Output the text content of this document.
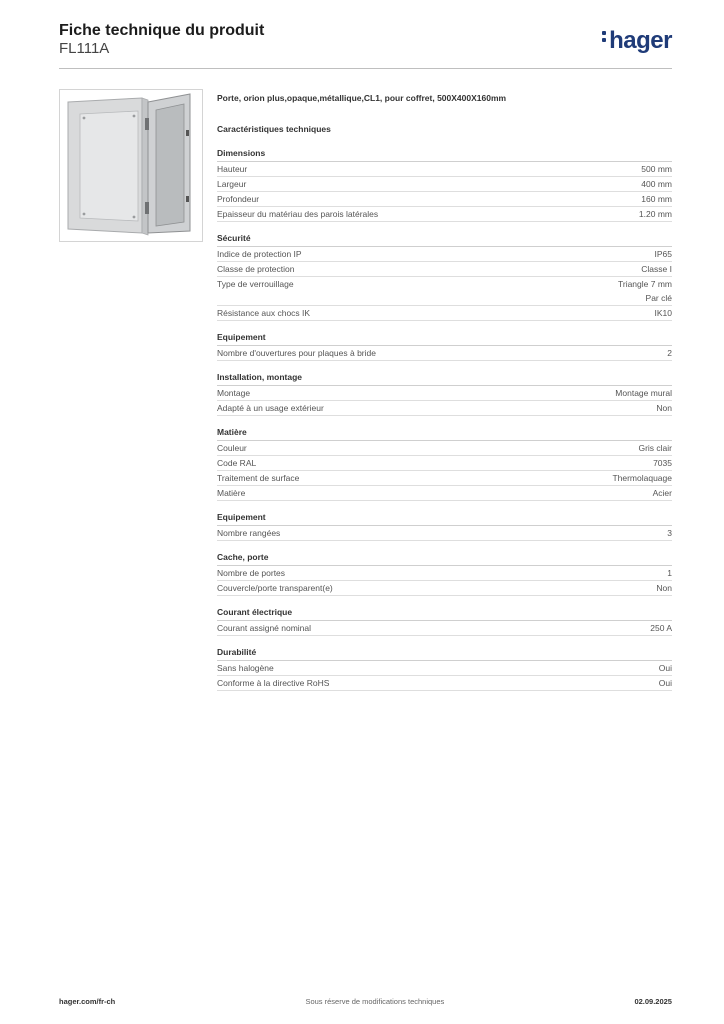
Fiche technique du produit
FL111A	hager
Porte, orion plus,opaque,métallique,CL1, pour coffret, 500X400X160mm
Caractéristiques techniques
Dimensions
Hauteur	500 mm
Largeur	400 mm
Profondeur	160 mm
Epaisseur du matériau des parois latérales	1.20 mm
Sécurité
Indice de protection IP	IP65
Classe de protection	Classe I
Type de verrouillage	Triangle 7 mm
Par clé
Résistance aux chocs IK	IK10
Equipement
Nombre d'ouvertures pour plaques à bride	2
Installation, montage
Montage	Montage mural
Adapté à un usage extérieur	Non
Matière
Couleur	Gris clair
Code RAL	7035
Traitement de surface	Thermolaquage
Matière	Acier
Equipement
Nombre rangées	3
Cache, porte
Nombre de portes	1
Couvercle/porte transparent(e)	Non
Courant électrique
Courant assigné nominal	250 A
Durabilité
Sans halogène	Oui
Conforme à la directive RoHS	Oui
hager.com/fr-ch	Sous réserve de modifications techniques	02.09.2025
